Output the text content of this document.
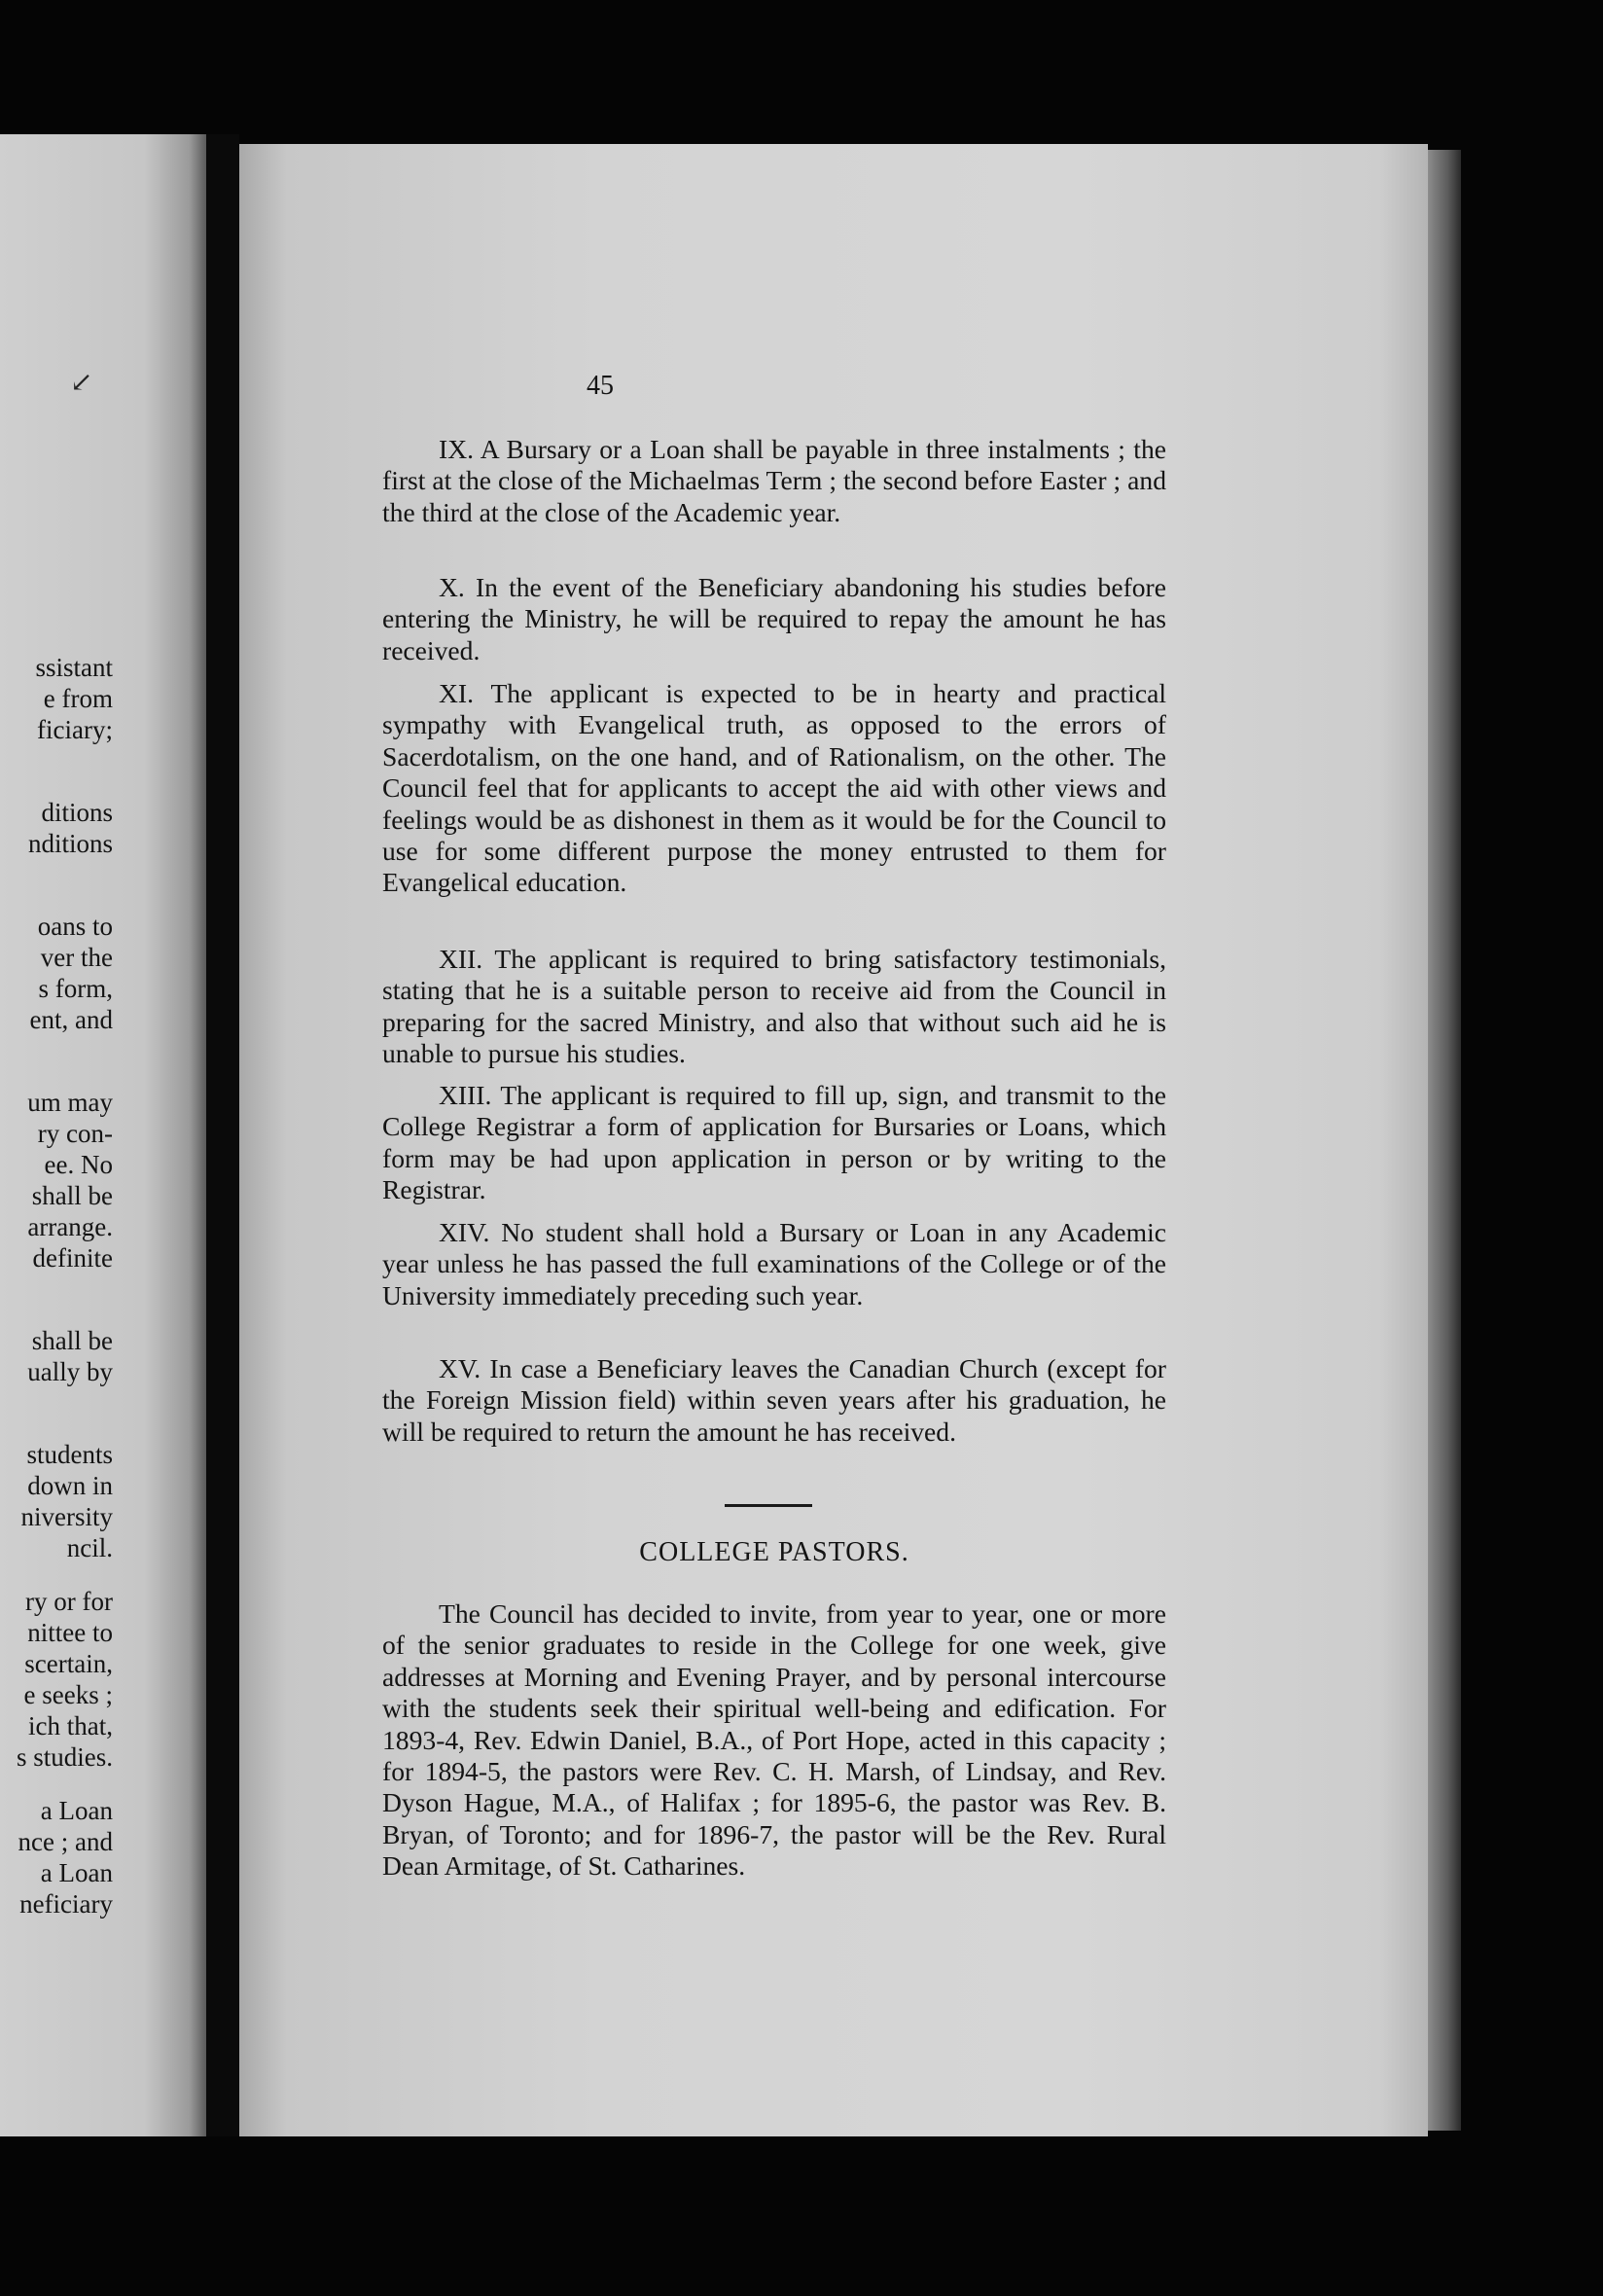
↙
ssistant
e from
ficiary;
ditions
nditions
oans to
ver the
s form,
ent, and
um may
ry con-
ee. No
shall be
arrange.
definite
shall be
ually by
students
down in
niversity
ncil.
ry or for
nittee to
scertain,
e seeks ;
ich that,
s studies.
a Loan
nce ; and
a Loan
neficiary
45

IX. A Bursary or a Loan shall be payable in three instalments ; the first at the close of the Michaelmas Term ; the second before Easter ; and the third at the close of the Academic year.

X. In the event of the Beneficiary abandoning his studies before entering the Ministry, he will be required to repay the amount he has received.

XI. The applicant is expected to be in hearty and practical sympathy with Evangelical truth, as opposed to the errors of Sacerdotalism, on the one hand, and of Rationalism, on the other. The Council feel that for applicants to accept the aid with other views and feelings would be as dishonest in them as it would be for the Council to use for some different purpose the money entrusted to them for Evangelical education.

XII. The applicant is required to bring satisfactory testimonials, stating that he is a suitable person to receive aid from the Council in preparing for the sacred Ministry, and also that without such aid he is unable to pursue his studies.

XIII. The applicant is required to fill up, sign, and transmit to the College Registrar a form of application for Bursaries or Loans, which form may be had upon application in person or by writing to the Registrar.

XIV. No student shall hold a Bursary or Loan in any Academic year unless he has passed the full examinations of the College or of the University immediately preceding such year.

XV. In case a Beneficiary leaves the Canadian Church (except for the Foreign Mission field) within seven years after his graduation, he will be required to return the amount he has received.

COLLEGE PASTORS.

The Council has decided to invite, from year to year, one or more of the senior graduates to reside in the College for one week, give addresses at Morning and Evening Prayer, and by personal intercourse with the students seek their spiritual well-being and edification. For 1893-4, Rev. Edwin Daniel, B.A., of Port Hope, acted in this capacity ; for 1894-5, the pastors were Rev. C. H. Marsh, of Lindsay, and Rev. Dyson Hague, M.A., of Halifax ; for 1895-6, the pastor was Rev. B. Bryan, of Toronto; and for 1896-7, the pastor will be the Rev. Rural Dean Armitage, of St. Catharines.
